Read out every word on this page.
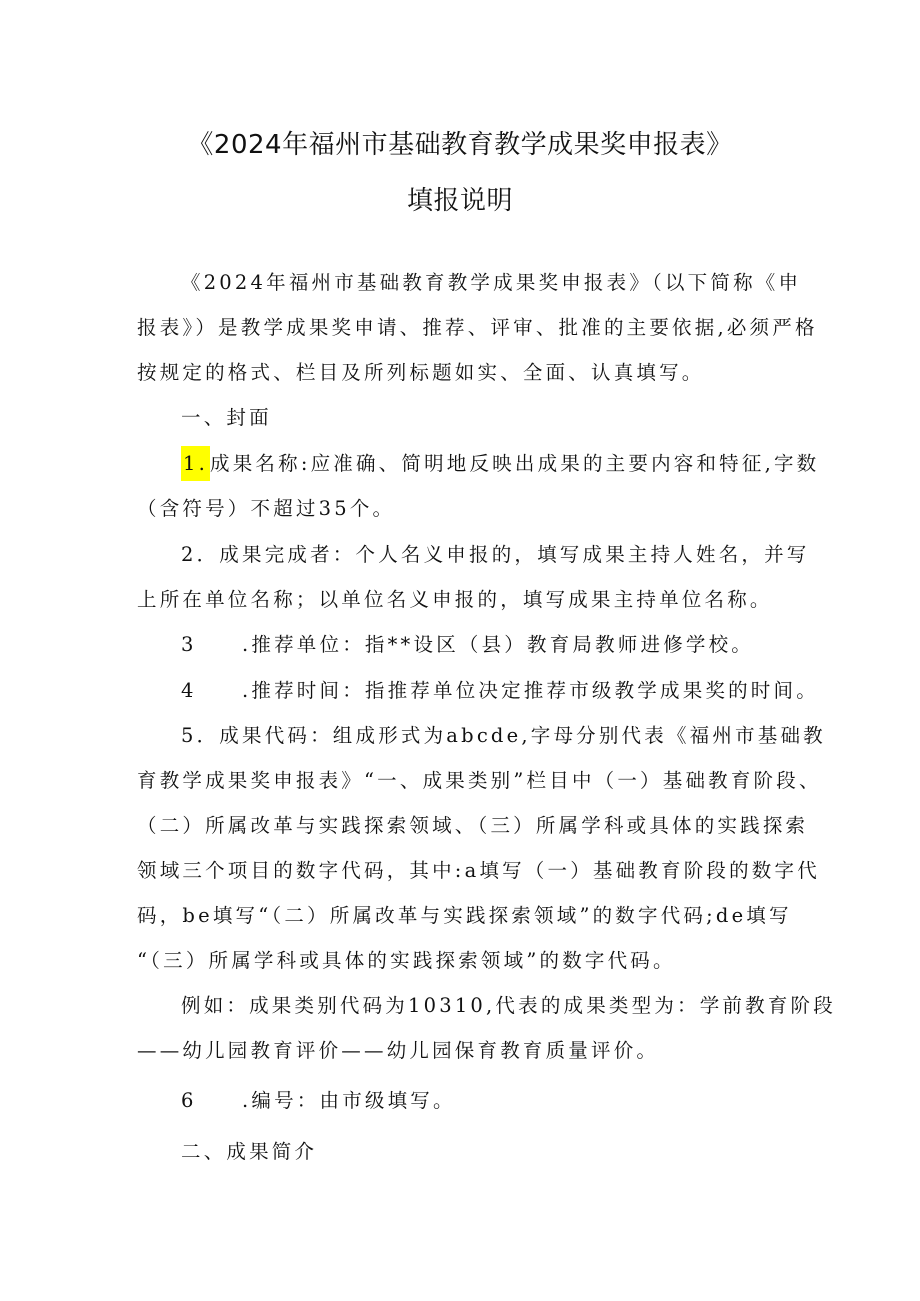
《2024年福州市基础教育教学成果奖申报表》
填报说明

《2024年福州市基础教育教学成果奖申报表》（以下简称《申

报表》）是教学成果奖申请、推荐、评审、批准的主要依据,必须严格

按规定的格式、栏目及所列标题如实、全面、认真填写。

一、封面

1. 成果名称:应准确、简明地反映出成果的主要内容和特征,字数

（含符号）不超过35个。

2．成果完成者：个人名义申报的，填写成果主持人姓名，并写

上所在单位名称；以单位名义申报的，填写成果主持单位名称。

3　　.推荐单位：指**设区（县）教育局教师进修学校。

4　　.推荐时间：指推荐单位决定推荐市级教学成果奖的时间。

5．成果代码：组成形式为abcde,字母分别代表《福州市基础教

育教学成果奖申报表》“一、成果类别”栏目中（一）基础教育阶段、

（二）所属改革与实践探索领域、（三）所属学科或具体的实践探索

领域三个项目的数字代码，其中:a填写（一）基础教育阶段的数字代

码，be填写“（二）所属改革与实践探索领域”的数字代码;de填写

“（三）所属学科或具体的实践探索领域”的数字代码。

例如：成果类别代码为10310,代表的成果类型为：学前教育阶段

——幼儿园教育评价——幼儿园保育教育质量评价。

6　　.编号：由市级填写。

二、成果简介
